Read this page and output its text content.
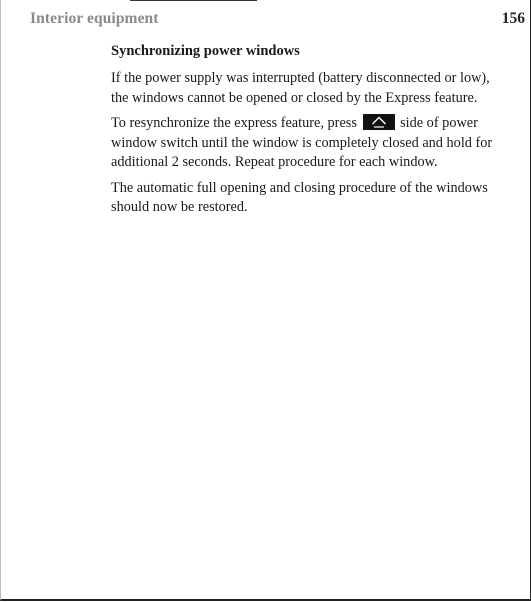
Interior equipment	156
Synchronizing power windows

If the power supply was interrupted (battery disconnected or low), the windows cannot be opened or closed by the Express feature.

To resynchronize the express feature, press	side of power window switch until the window is completely closed and hold for additional 2 seconds. Repeat procedure for each window.

The automatic full opening and closing procedure of the windows should now be restored.
